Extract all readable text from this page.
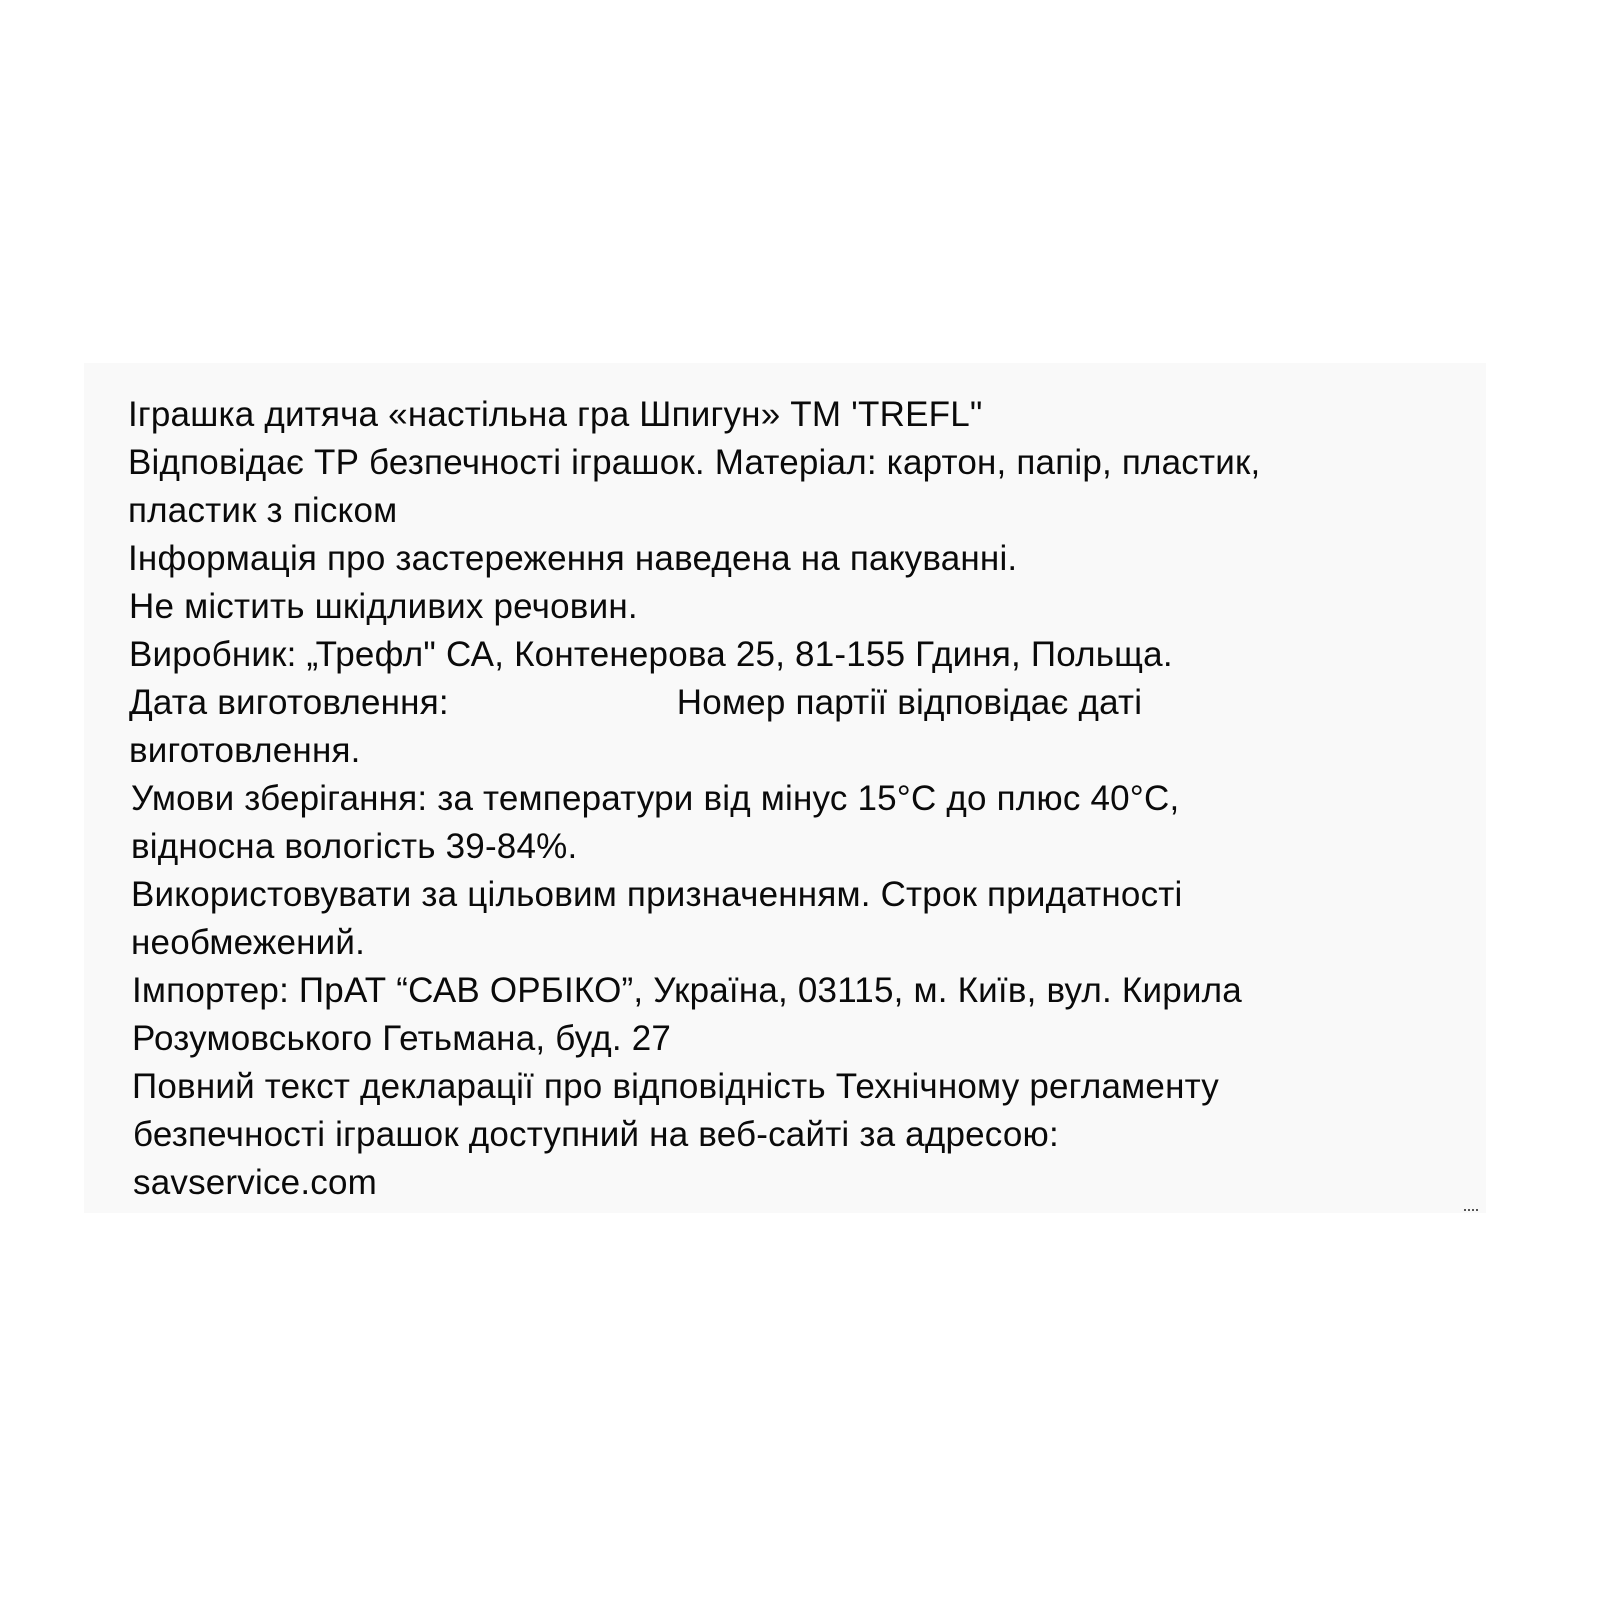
Іграшка дитяча «настільна гра Шпигун» ТМ 'TREFL"
Відповідає ТР безпечності іграшок. Матеріал: картон, папір, пластик,
пластик з піском
Інформація про застереження наведена на пакуванні.
Не містить шкідливих речовин.
Виробник: „Трефл" СА, Контенерова 25, 81-155 Гдиня, Польща.
Дата виготовлення:	Номер партії відповідає даті
виготовлення.
Умови зберігання: за температури від мінус 15°С до плюс 40°С,
відносна вологість 39-84%.
Використовувати за цільовим призначенням. Строк придатності
необмежений.
Імпортер: ПрАТ “САВ ОРБІКО”, Україна, 03115, м. Київ, вул. Кирила
Розумовського Гетьмана, буд. 27
Повний текст декларації про відповідність Технічному регламенту
безпечності іграшок доступний на веб-сайті за адресою:
savservice.com
